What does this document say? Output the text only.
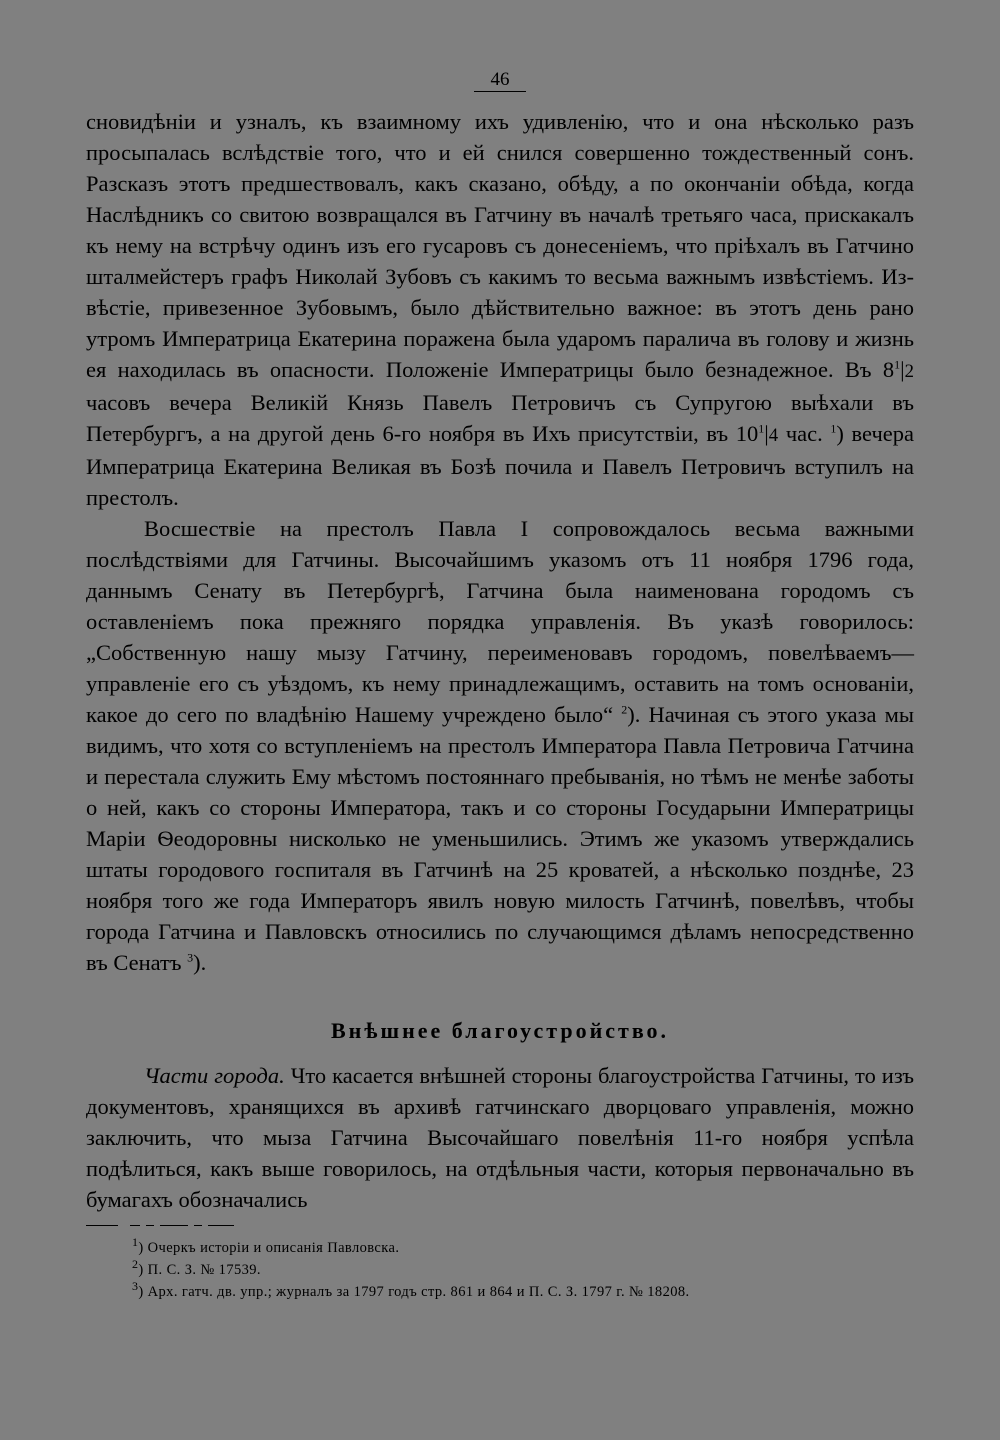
46

сновидѣніи и узналъ, къ взаимному ихъ удивленію, что и она нѣсколько разъ просыпалась вслѣдствіе того, что и ей снился совершенно тождественный сонъ. Разсказъ этотъ предшествовалъ, какъ сказано, обѣду, а по окончаніи обѣда, когда Наслѣдникъ со свитою возвращался въ Гатчину въ началѣ третьяго часа, прискакалъ къ нему на встрѣчу одинъ изъ его гусаровъ съ донесеніемъ, что пріѣхалъ въ Гатчино шталмейстеръ графъ Николай Зубовъ съ какимъ то весьма важнымъ извѣстіемъ. Извѣстіе, привезенное Зубовымъ, было дѣйствительно важное: въ этотъ день рано утромъ Императрица Екатерина поражена была ударомъ паралича въ голову и жизнь ея находилась въ опасности. Положеніе Императрицы было безнадежное. Въ $8^1|2$ часовъ вечера Великій Князь Павелъ Петровичъ съ Супругою выѣхали въ Петербургъ, а на другой день 6-го ноября въ Ихъ присутствіи, въ $10^1|4$ час. $^1$) вечера Императрица Екатерина Великая въ Бозѣ почила и Павелъ Петровичъ вступилъ на престолъ.

Восшествіе на престолъ Павла I сопровождалось весьма важными послѣдствіями для Гатчины. Высочайшимъ указомъ отъ 11 ноября 1796 года, даннымъ Сенату въ Петербургѣ, Гатчина была наименована городомъ съ оставленіемъ пока прежняго порядка управленія. Въ указѣ говорилось: „Собственную нашу мызу Гатчину, переименовавъ городомъ, повелѣваемъ—управленіе его съ уѣздомъ, къ нему принадлежащимъ, оставить на томъ основаніи, какое до сего по владѣнію Нашему учреждено было“ $^2$). Начиная съ этого указа мы видимъ, что хотя со вступленіемъ на престолъ Императора Павла Петровича Гатчина и перестала служить Ему мѣстомъ постояннаго пребыванія, но тѣмъ не менѣе заботы о ней, какъ со стороны Императора, такъ и со стороны Государыни Императрицы Маріи Ѳеодоровны нисколько не уменьшились. Этимъ же указомъ утверждались штаты городового госпиталя въ Гатчинѣ на 25 кроватей, а нѣсколько позднѣе, 23 ноября того же года Императоръ явилъ новую милость Гатчинѣ, повелѣвъ, чтобы города Гатчина и Павловскъ относились по случающимся дѣламъ непосредственно въ Сенатъ $^3$).

Внѣшнее благоустройство.

Части города. Что касается внѣшней стороны благоустройства Гатчины, то изъ документовъ, хранящихся въ архивѣ гатчинскаго дворцоваго управленія, можно заключить, что мыза Гатчина Высочайшаго повелѣнія 11-го ноября успѣла подѣлиться, какъ выше говорилось, на отдѣльныя части, которыя первоначально въ бумагахъ обозначались

$^1$) Очеркъ исторіи и описанія Павловска.
$^2$) П. С. З. № 17539.
$^3$) Арх. гатч. дв. упр.; журналъ за 1797 годъ стр. 861 и 864 и П. С. З. 1797 г. № 18208.
